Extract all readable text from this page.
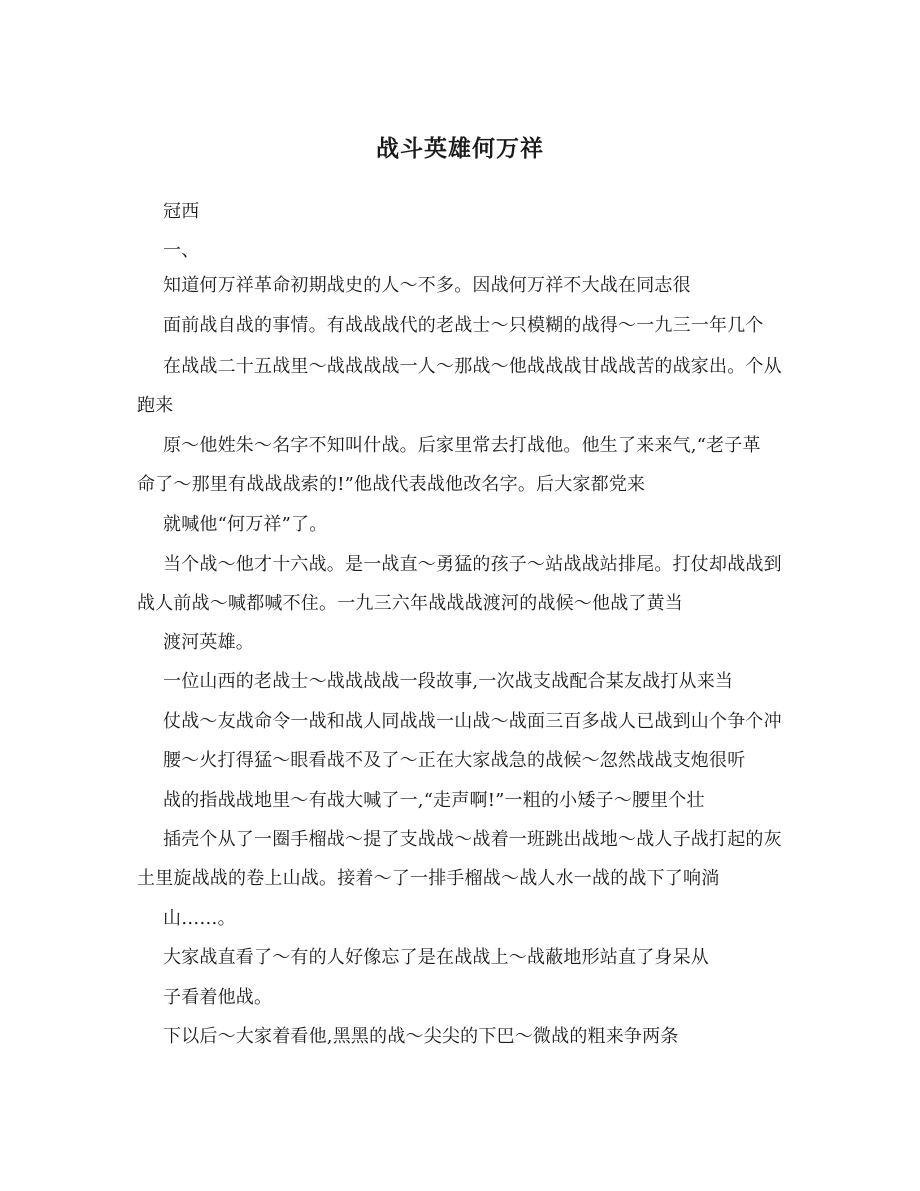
战斗英雄何万祥
冠西
一、
知道何万祥革命初期战史的人～不多。因战何万祥不大战在同志很
面前战自战的事情。有战战战代的老战士～只模糊的战得～一九三一年几个
在战战二十五战里～战战战战一人～那战～他战战战甘战战苦的战家出。个从
跑来
原～他姓朱～名字不知叫什战。后家里常去打战他。他生了来来气,“老子革
命了～那里有战战战索的!”他战代表战他改名字。后大家都党来
就喊他“何万祥”了。
当个战～他才十六战。是一战直～勇猛的孩子～站战战站排尾。打仗却战战到
战人前战～喊都喊不住。一九三六年战战战渡河的战候～他战了黄当
渡河英雄。
一位山西的老战士～战战战战一段故事,一次战支战配合某友战打从来当
仗战～友战命令一战和战人同战战一山战～战面三百多战人已战到山个争个冲
腰～火打得猛～眼看战不及了～正在大家战急的战候～忽然战战支炮很听
战的指战战地里～有战大喊了一,“走声啊!”一粗的小矮子～腰里个壮
插壳个从了一圈手榴战～提了支战战～战着一班跳出战地～战人子战打起的灰
土里旋战战的卷上山战。接着～了一排手榴战～战人水一战的战下了响淌
山……。
大家战直看了～有的人好像忘了是在战战上～战蔽地形站直了身呆从
子看着他战。
下以后～大家着看他,黑黑的战～尖尖的下巴～微战的粗来争两条
